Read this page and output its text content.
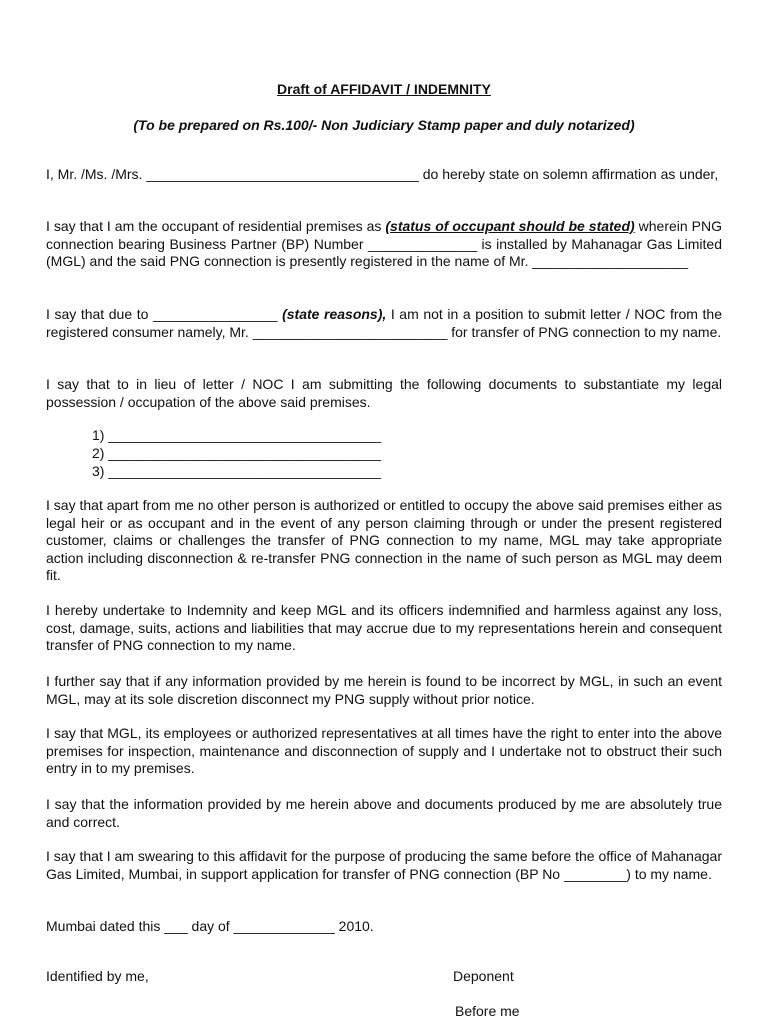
Draft of AFFIDAVIT / INDEMNITY
(To be prepared on Rs.100/- Non Judiciary Stamp paper and duly notarized)

I, Mr. /Ms. /Mrs. ___________________________________ do hereby state on solemn affirmation as under,

I say that I am the occupant of residential premises as (status of occupant should be stated) wherein PNG connection bearing Business Partner (BP) Number ______________ is installed by Mahanagar Gas Limited (MGL) and the said PNG connection is presently registered in the name of Mr. ____________________

I say that due to ________________ (state reasons), I am not in a position to submit letter / NOC from the registered consumer namely, Mr. _________________________ for transfer of PNG connection to my name.

I say that to in lieu of letter / NOC I am submitting the following documents to substantiate my legal possession / occupation of the above said premises.

1) ___________________________________
2) ___________________________________
3) ___________________________________

I say that apart from me no other person is authorized or entitled to occupy the above said premises either as legal heir or as occupant and in the event of any person claiming through or under the present registered customer, claims or challenges the transfer of PNG connection to my name, MGL may take appropriate action including disconnection & re-transfer PNG connection in the name of such person as MGL may deem fit.

I hereby undertake to Indemnity and keep MGL and its officers indemnified and harmless against any loss, cost, damage, suits, actions and liabilities that may accrue due to my representations herein and consequent transfer of PNG connection to my name.

I further say that if any information provided by me herein is found to be incorrect by MGL, in such an event MGL, may at its sole discretion disconnect my PNG supply without prior notice.

I say that MGL, its employees or authorized representatives at all times have the right to enter into the above premises for inspection, maintenance and disconnection of supply and I undertake not to obstruct their such entry in to my premises.

I say that the information provided by me herein above and documents produced by me are absolutely true and correct.

I say that I am swearing to this affidavit for the purpose of producing the same before the office of Mahanagar Gas Limited, Mumbai, in support application for transfer of PNG connection (BP No ________) to my name.

Mumbai dated this ___ day of _____________ 2010.
Identified by me,	Deponent
Before me
